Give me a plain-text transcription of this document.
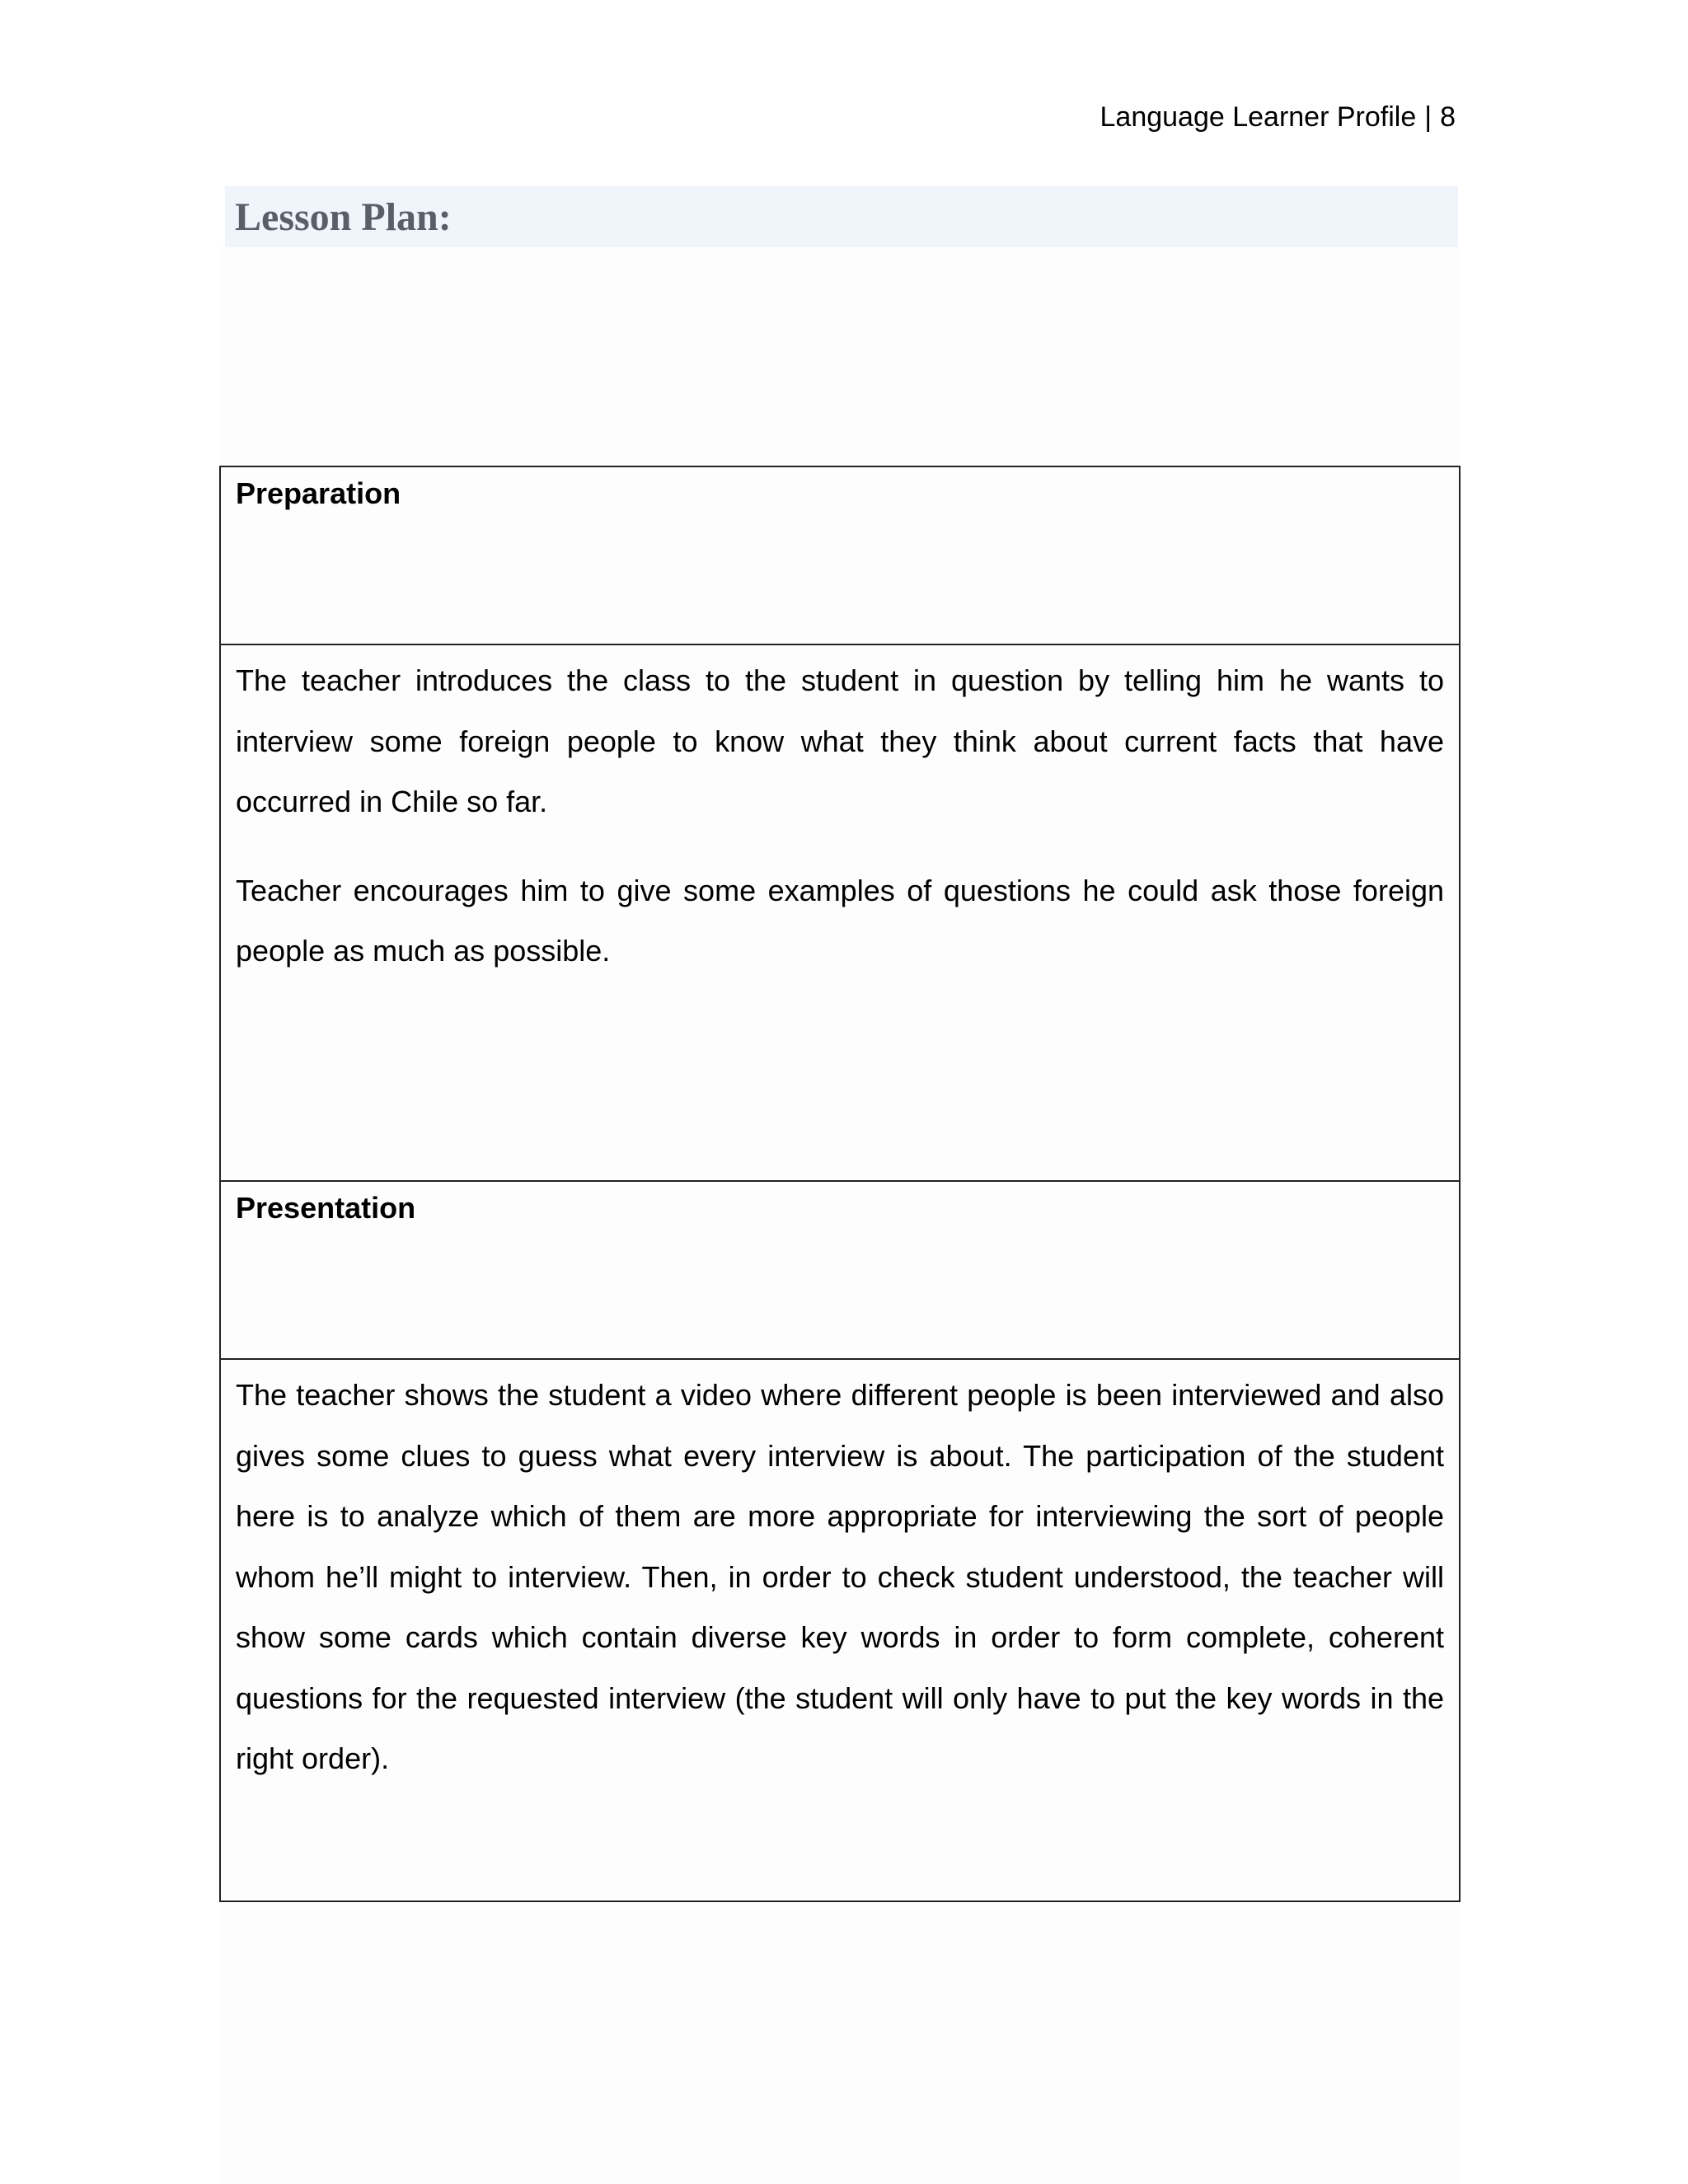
Language Learner Profile | 8
Lesson Plan:
Preparation

The teacher introduces the class to the student in question by telling him he wants to interview some foreign people to know what they think about current facts that have occurred in Chile so far.

Teacher encourages him to give some examples of questions he could ask those foreign people as much as possible.

Presentation

The teacher shows the student a video where different people is been interviewed and also gives some clues to guess what every interview is about. The participation of the student here is to analyze which of them are more appropriate for interviewing the sort of people whom he’ll might to interview. Then, in order to check student understood, the teacher will show some cards which contain diverse key words in order to form complete, coherent questions for the requested interview (the student will only have to put the key words in the right order).
